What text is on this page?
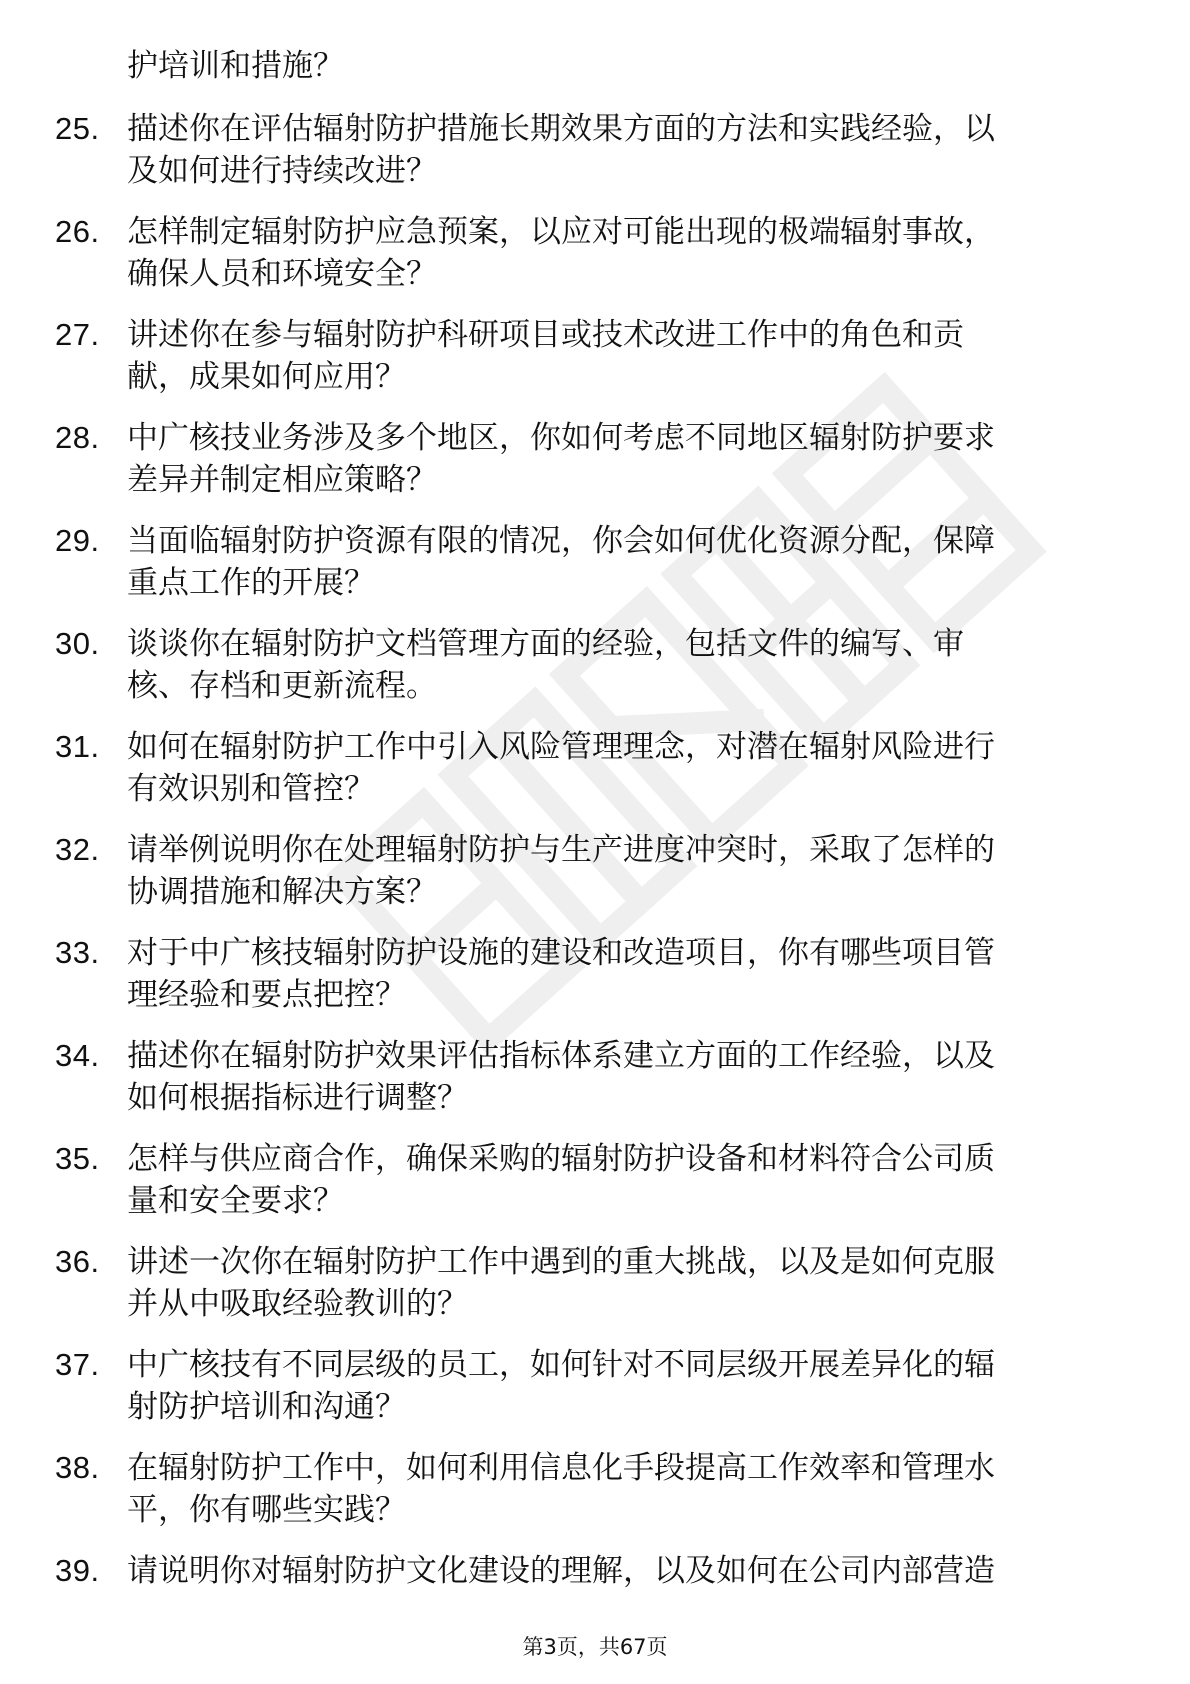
护培训和措施？
25. 描述你在评估辐射防护措施长期效果方面的方法和实践经验，以
及如何进行持续改进？
26. 怎样制定辐射防护应急预案，以应对可能出现的极端辐射事故，
确保人员和环境安全？
27. 讲述你在参与辐射防护科研项目或技术改进工作中的角色和贡
献，成果如何应用？
28. 中广核技业务涉及多个地区，你如何考虑不同地区辐射防护要求
差异并制定相应策略？
29. 当面临辐射防护资源有限的情况，你会如何优化资源分配，保障
重点工作的开展？
30. 谈谈你在辐射防护文档管理方面的经验，包括文件的编写、审
核、存档和更新流程。
31. 如何在辐射防护工作中引入风险管理理念，对潜在辐射风险进行
有效识别和管控？
32. 请举例说明你在处理辐射防护与生产进度冲突时，采取了怎样的
协调措施和解决方案？
33. 对于中广核技辐射防护设施的建设和改造项目，你有哪些项目管
理经验和要点把控？
34. 描述你在辐射防护效果评估指标体系建立方面的工作经验，以及
如何根据指标进行调整？
35. 怎样与供应商合作，确保采购的辐射防护设备和材料符合公司质
量和安全要求？
36. 讲述一次你在辐射防护工作中遇到的重大挑战，以及是如何克服
并从中吸取经验教训的？
37. 中广核技有不同层级的员工，如何针对不同层级开展差异化的辐
射防护培训和沟通？
38. 在辐射防护工作中，如何利用信息化手段提高工作效率和管理水
平，你有哪些实践？
39. 请说明你对辐射防护文化建设的理解，以及如何在公司内部营造
第3页，共67页
